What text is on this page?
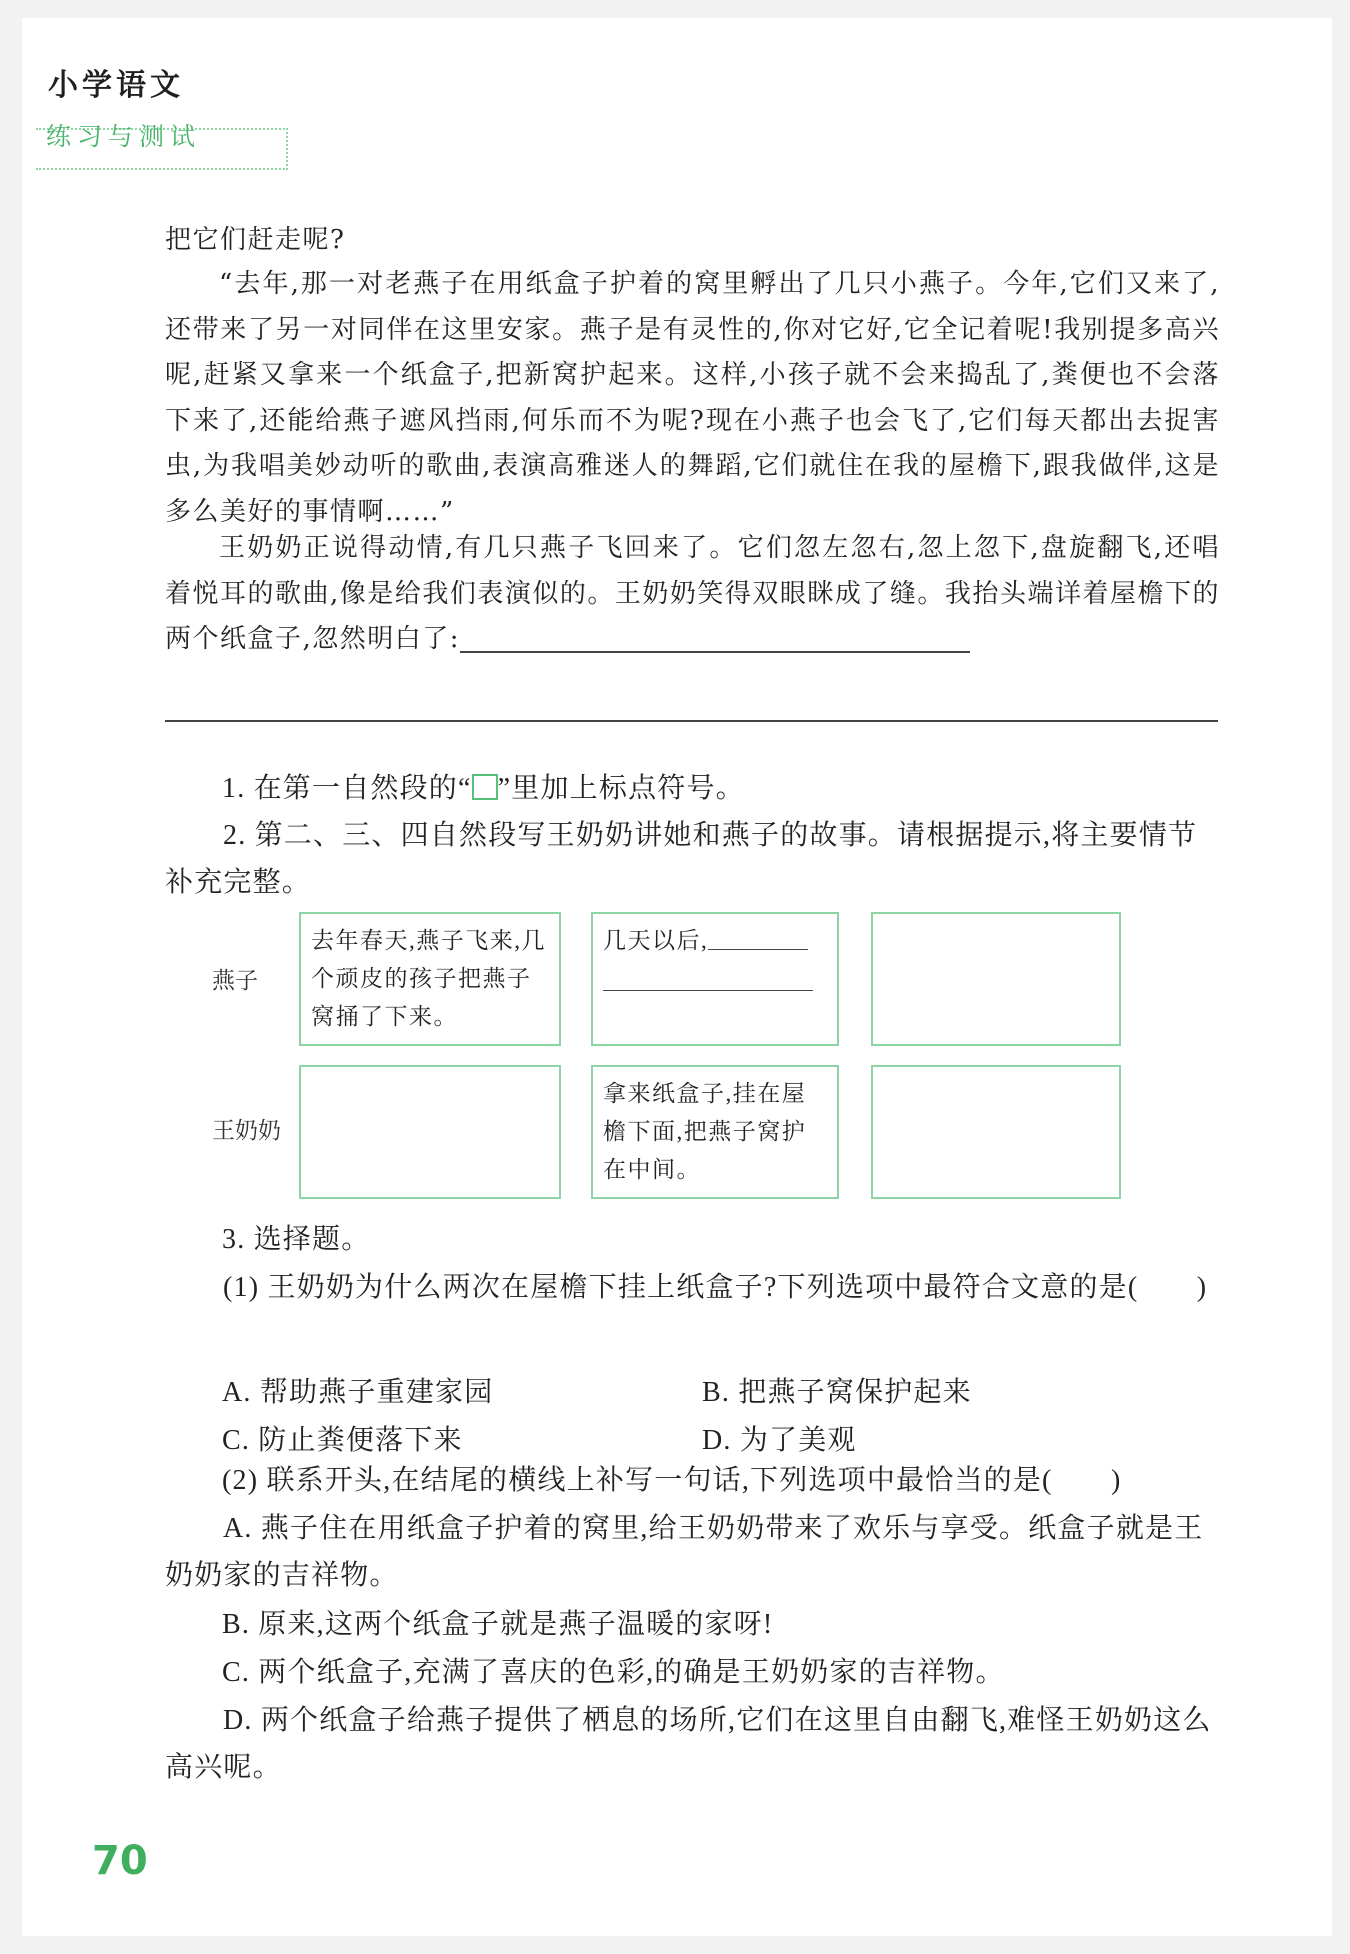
小学语文
练习与测试

把它们赶走呢?

“去年,那一对老燕子在用纸盒子护着的窝里孵出了几只小燕子。今年,它们又来了,还带来了另一对同伴在这里安家。燕子是有灵性的,你对它好,它全记着呢!我别提多高兴呢,赶紧又拿来一个纸盒子,把新窝护起来。这样,小孩子就不会来捣乱了,粪便也不会落下来了,还能给燕子遮风挡雨,何乐而不为呢?现在小燕子也会飞了,它们每天都出去捉害虫,为我唱美妙动听的歌曲,表演高雅迷人的舞蹈,它们就住在我的屋檐下,跟我做伴,这是多么美好的事情啊……”

王奶奶正说得动情,有几只燕子飞回来了。它们忽左忽右,忽上忽下,盘旋翻飞,还唱着悦耳的歌曲,像是给我们表演似的。王奶奶笑得双眼眯成了缝。我抬头端详着屋檐下的两个纸盒子,忽然明白了:

1. 在第一自然段的“ ”里加上标点符号。

2. 第二、三、四自然段写王奶奶讲她和燕子的故事。请根据提示,将主要情节补充完整。

燕子
王奶奶
去年春天,燕子飞来,几个顽皮的孩子把燕子窝捅了下来。
几天以后,
拿来纸盒子,挂在屋檐下面,把燕子窝护在中间。

3. 选择题。

(1) 王奶奶为什么两次在屋檐下挂上纸盒子?下列选项中最符合文意的是(　　)

A. 帮助燕子重建家园	B. 把燕子窝保护起来
C. 防止粪便落下来	D. 为了美观

(2) 联系开头,在结尾的横线上补写一句话,下列选项中最恰当的是(　　)

A. 燕子住在用纸盒子护着的窝里,给王奶奶带来了欢乐与享受。纸盒子就是王奶奶家的吉祥物。

B. 原来,这两个纸盒子就是燕子温暖的家呀!

C. 两个纸盒子,充满了喜庆的色彩,的确是王奶奶家的吉祥物。

D. 两个纸盒子给燕子提供了栖息的场所,它们在这里自由翻飞,难怪王奶奶这么高兴呢。

70
